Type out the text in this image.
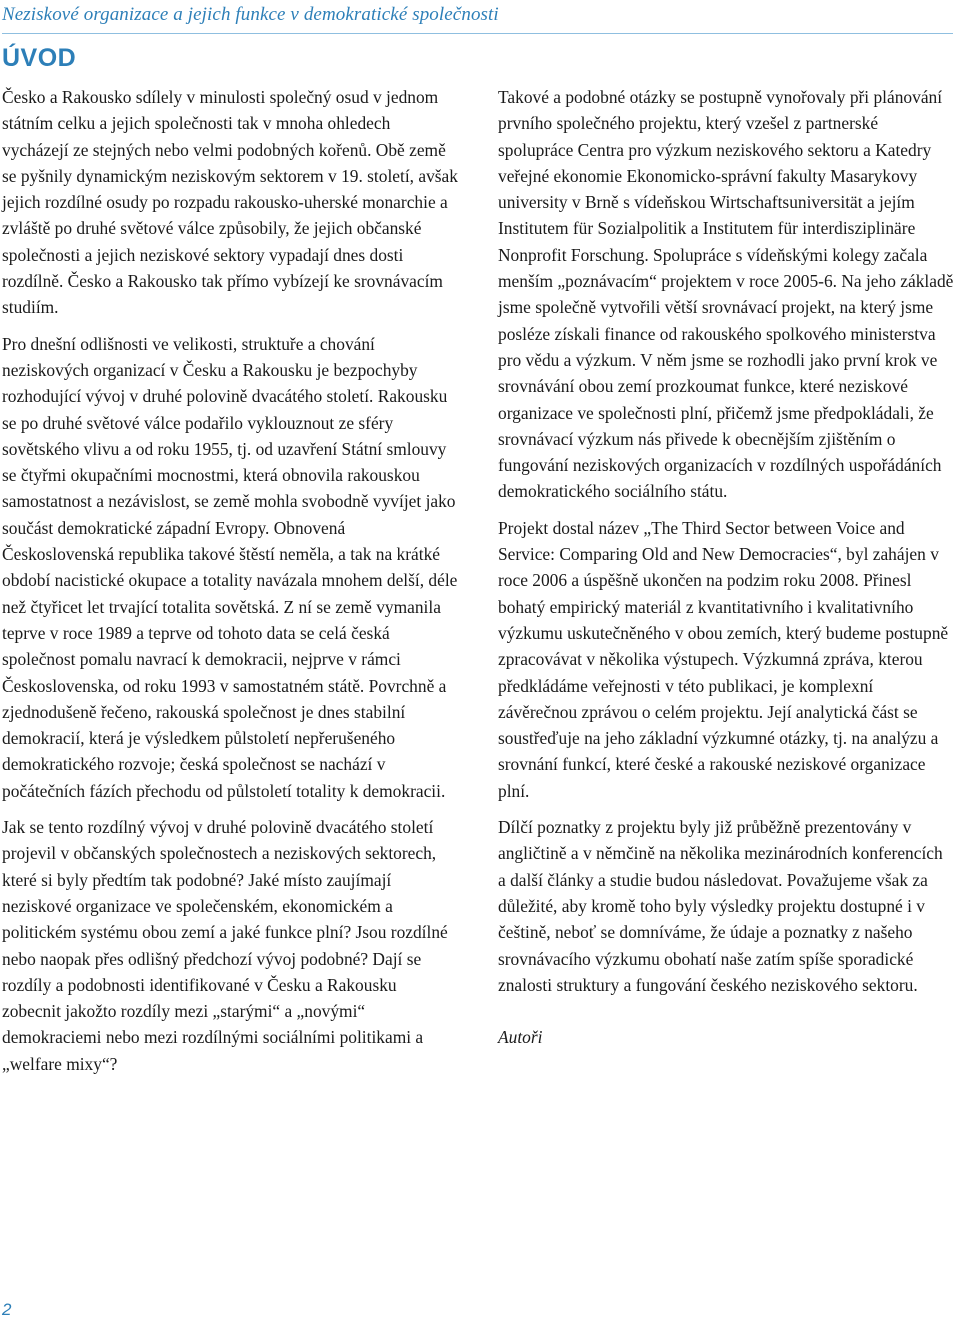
Neziskové organizace a jejich funkce v demokratické společnosti
ÚVOD

Česko a Rakousko sdílely v minulosti společný osud v jednom státním celku a jejich společnosti tak v mnoha ohledech vycházejí ze stejných nebo velmi podobných kořenů. Obě země se pyšnily dynamickým neziskovým sektorem v 19. století, avšak jejich rozdílné osudy po rozpadu rakousko-uherské monarchie a zvláště po druhé světové válce způsobily, že jejich občanské společnosti a jejich neziskové sektory vypadají dnes dosti rozdílně. Česko a Rakousko tak přímo vybízejí ke srovnávacím studiím.

Pro dnešní odlišnosti ve velikosti, struktuře a chování neziskových organizací v Česku a Rakousku je bezpochyby rozhodující vývoj v druhé polovině dvacátého století. Rakousku se po druhé světové válce podařilo vyklouznout ze sféry sovětského vlivu a od roku 1955, tj. od uzavření Státní smlouvy se čtyřmi okupačními mocnostmi, která obnovila rakouskou samostatnost a nezávislost, se země mohla svobodně vyvíjet jako součást demokratické západní Evropy. Obnovená Československá republika takové štěstí neměla, a tak na krátké období nacistické okupace a totality navázala mnohem delší, déle než čtyřicet let trvající totalita sovětská. Z ní se země vymanila teprve v roce 1989 a teprve od tohoto data se celá česká společnost pomalu navrací k demokracii, nejprve v rámci Československa, od roku 1993 v samostatném státě. Povrchně a zjednodušeně řečeno, rakouská společnost je dnes stabilní demokracií, která je výsledkem půlstoletí nepřerušeného demokratického rozvoje; česká společnost se nachází v počátečních fázích přechodu od půlstoletí totality k demokracii.

Jak se tento rozdílný vývoj v druhé polovině dvacátého století projevil v občanských společnostech a neziskových sektorech, které si byly předtím tak podobné? Jaké místo zaujímají neziskové organizace ve společenském, ekonomickém a politickém systému obou zemí a jaké funkce plní? Jsou rozdílné nebo naopak přes odlišný předchozí vývoj podobné? Dají se rozdíly a podobnosti identifikované v Česku a Rakousku zobecnit jakožto rozdíly mezi „starými“ a „novými“ demokraciemi nebo mezi rozdílnými sociálními politikami a „welfare mixy“?

Takové a podobné otázky se postupně vynořovaly při plánování prvního společného projektu, který vzešel z partnerské spolupráce Centra pro výzkum neziskového sektoru a Katedry veřejné ekonomie Ekonomicko-správní fakulty Masarykovy university v Brně s vídeňskou Wirtschaftsuniversität a jejím Institutem für Sozialpolitik a Institutem für interdisziplinäre Nonprofit Forschung. Spolupráce s vídeňskými kolegy začala menším „poznávacím“ projektem v roce 2005-6. Na jeho základě jsme společně vytvořili větší srovnávací projekt, na který jsme posléze získali finance od rakouského spolkového ministerstva pro vědu a výzkum. V něm jsme se rozhodli jako první krok ve srovnávání obou zemí prozkoumat funkce, které neziskové organizace ve společnosti plní, přičemž jsme předpokládali, že srovnávací výzkum nás přivede k obecnějším zjištěním o fungování neziskových organizacích v rozdílných uspořádáních demokratického sociálního státu.

Projekt dostal název „The Third Sector between Voice and Service: Comparing Old and New Democracies“, byl zahájen v roce 2006 a úspěšně ukončen na podzim roku 2008. Přinesl bohatý empirický materiál z kvantitativního i kvalitativního výzkumu uskutečněného v obou zemích, který budeme postupně zpracovávat v několika výstupech. Výzkumná zpráva, kterou předkládáme veřejnosti v této publikaci, je komplexní závěrečnou zprávou o celém projektu. Její analytická část se soustřeďuje na jeho základní výzkumné otázky, tj. na analýzu a srovnání funkcí, které české a rakouské neziskové organizace plní.

Dílčí poznatky z projektu byly již průběžně prezentovány v angličtině a v němčině na několika mezinárodních konferencích a další články a studie budou následovat. Považujeme však za důležité, aby kromě toho byly výsledky projektu dostupné i v češtině, neboť se domníváme, že údaje a poznatky z našeho srovnávacího výzkumu obohatí naše zatím spíše sporadické znalosti struktury a fungování českého neziskového sektoru.

Autoři

2
